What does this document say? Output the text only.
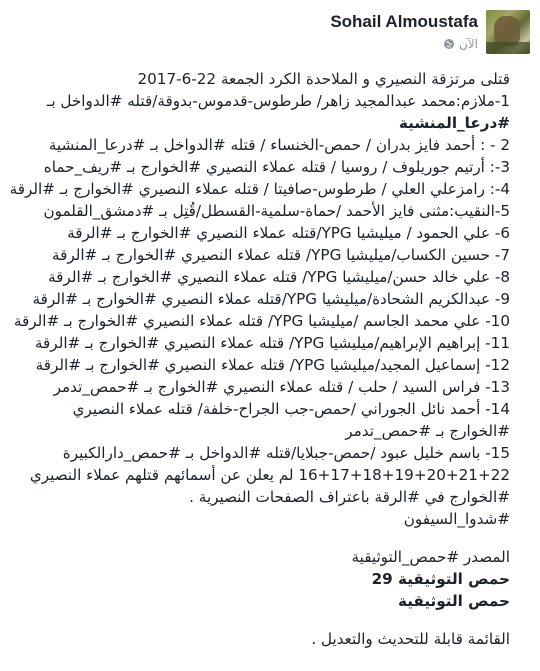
Sohail Almoustafa
الآن
قتلى مرتزقة النصيري و الملاحدة الكرد الجمعة 22-6-2017
1-ملازم:محمد عبدالمجيد زاهر/ طرطوس-قدموس-بدوقة/قتله #الدواخل بـ
#درعا_المنشية
2 - : أحمد فايز بدران / حمص-الخنساء / قتله #الدواخل بـ #درعا_المنشية
3-: أرتيم جوريلوف / روسيا / قتله عملاء النصيري #الخوارج بـ #ريف_حماه
4-: رامزعلي العلي / طرطوس-صافيتا / قتله عملاء النصيري #الخوارج بـ #الرقة
5-النقيب:مثنى فايز الأحمد /حماة-سلمية-القسطل/قُتِل بـ #دمشق_القلمون
6- علي الحمود / ميليشيا YPG/قتله عملاء النصيري #الخوارج بـ #الرقة
7- حسين الكساب/ميليشيا YPG/ قتله عملاء النصيري #الخوارج بـ #الرقة
8- علي خالد حسن/ميليشيا YPG/ قتله عملاء النصيري #الخوارج بـ #الرقة
9- عبدالكريم الشحادة/ميليشيا YPG/قتله عملاء النصيري #الخوارج بـ #الرقة
10- علي محمد الجاسم /ميليشيا YPG/ قتله عملاء النصيري #الخوارج بـ #الرقة
11- إبراهيم الإبراهيم/ميليشيا YPG/ قتله عملاء النصيري #الخوارج بـ #الرقة
12- إسماعيل المجيد/ميليشيا YPG/ قتله عملاء النصيري #الخوارج بـ #الرقة
13- فراس السيد / حلب / قتله عملاء النصيري #الخوارج بـ #حمص_تدمر
14- أحمد نائل الجوراني /حمص-جب الجراح-خلفة/ قتله عملاء النصيري
#الخوارج بـ #حمص_تدمر
15- باسم خليل عبود /حمص-جبلايا/قتله #الدواخل بـ #حمص_دارالكبيرة
16+17+18+19+20+21+22 لم يعلن عن أسمائهم قتلهم عملاء النصيري
#الخوارج في #الرقة باعتراف الصفحات النصيرية .
#شدوا_السيفون
المصدر #حمص_التوثيقية
حمص التوثيقية 29
حمص التوثيقية
القائمة قابلة للتحديث والتعديل .
